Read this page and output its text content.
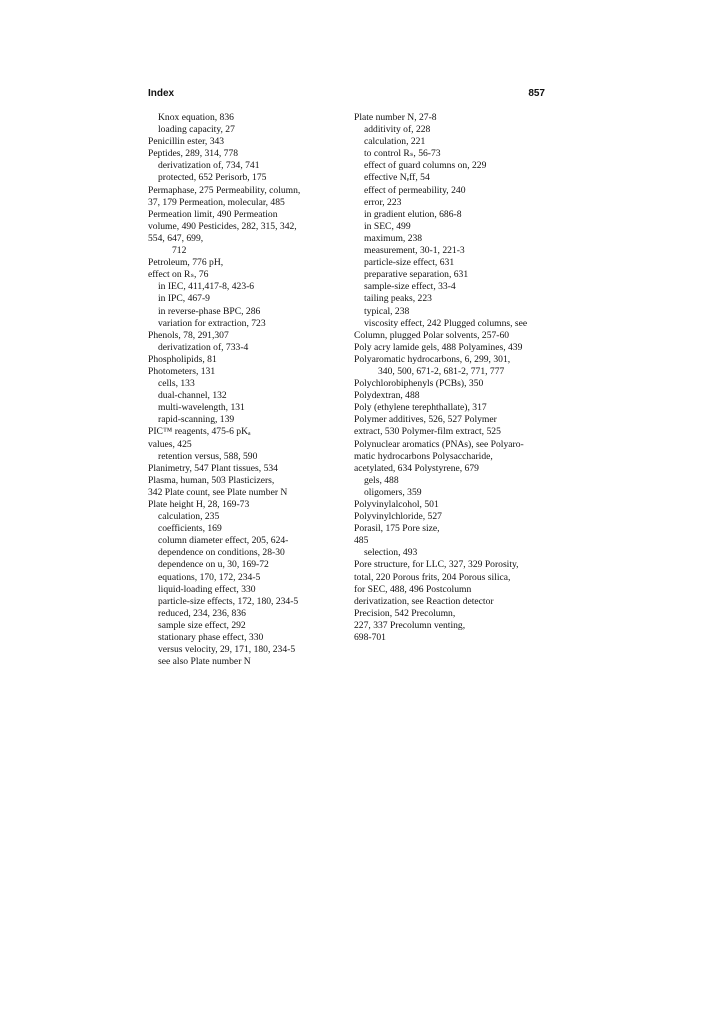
Index	857
Knox equation, 836
loading capacity, 27
Penicillin ester, 343
Peptides, 289, 314, 778
derivatization of, 734, 741
protected, 652 Perisorb, 175
Permaphase, 275 Permeability, column,
37, 179 Permeation, molecular, 485
Permeation limit, 490 Permeation
volume, 490 Pesticides, 282, 315, 342,
554, 647, 699,
712
Petroleum, 776 pH,
effect on Rₛ, 76
in IEC, 411,417-8, 423-6
in IPC, 467-9
in reverse-phase BPC, 286
variation for extraction, 723
Phenols, 78, 291,307
derivatization of, 733-4
Phospholipids, 81
Photometers, 131
cells, 133
dual-channel, 132
multi-wavelength, 131
rapid-scanning, 139
PIC™ reagents, 475-6 pKₐ
values, 425
retention versus, 588, 590
Planimetry, 547 Plant tissues, 534
Plasma, human, 503 Plasticizers,
342 Plate count, see Plate number N
Plate height H, 28, 169-73
calculation, 235
coefficients, 169
column diameter effect, 205, 624-
dependence on conditions, 28-30
dependence on u, 30, 169-72
equations, 170, 172, 234-5
liquid-loading effect, 330
particle-size effects, 172, 180, 234-5
reduced, 234, 236, 836
sample size effect, 292
stationary phase effect, 330
versus velocity, 29, 171, 180, 234-5
see also Plate number N
Plate number N, 27-8
additivity of, 228
calculation, 221
to control Rₛ, 56-73
effect of guard columns on, 229
effective Nₑff, 54
effect of permeability, 240
error, 223
in gradient elution, 686-8
in SEC, 499
maximum, 238
measurement, 30-1, 221-3
particle-size effect, 631
preparative separation, 631
sample-size effect, 33-4
tailing peaks, 223
typical, 238
viscosity effect, 242 Plugged columns, see
Column, plugged Polar solvents, 257-60
Poly acry lamide gels, 488 Polyamines, 439
Polyaromatic hydrocarbons, 6, 299, 301,
340, 500, 671-2, 681-2, 771, 777
Polychlorobiphenyls (PCBs), 350
Polydextran, 488
Poly (ethylene terephthallate), 317
Polymer additives, 526, 527 Polymer
extract, 530 Polymer-film extract, 525
Polynuclear aromatics (PNAs), see Polyaro-
matic hydrocarbons Polysaccharide,
acetylated, 634 Polystyrene, 679
gels, 488
oligomers, 359
Polyvinylalcohol, 501
Polyvinylchloride, 527
Porasil, 175 Pore size,
485
selection, 493
Pore structure, for LLC, 327, 329 Porosity,
total, 220 Porous frits, 204 Porous silica,
for SEC, 488, 496 Postcolumn
derivatization, see Reaction detector
Precision, 542 Precolumn,
227, 337 Precolumn venting,
698-701
